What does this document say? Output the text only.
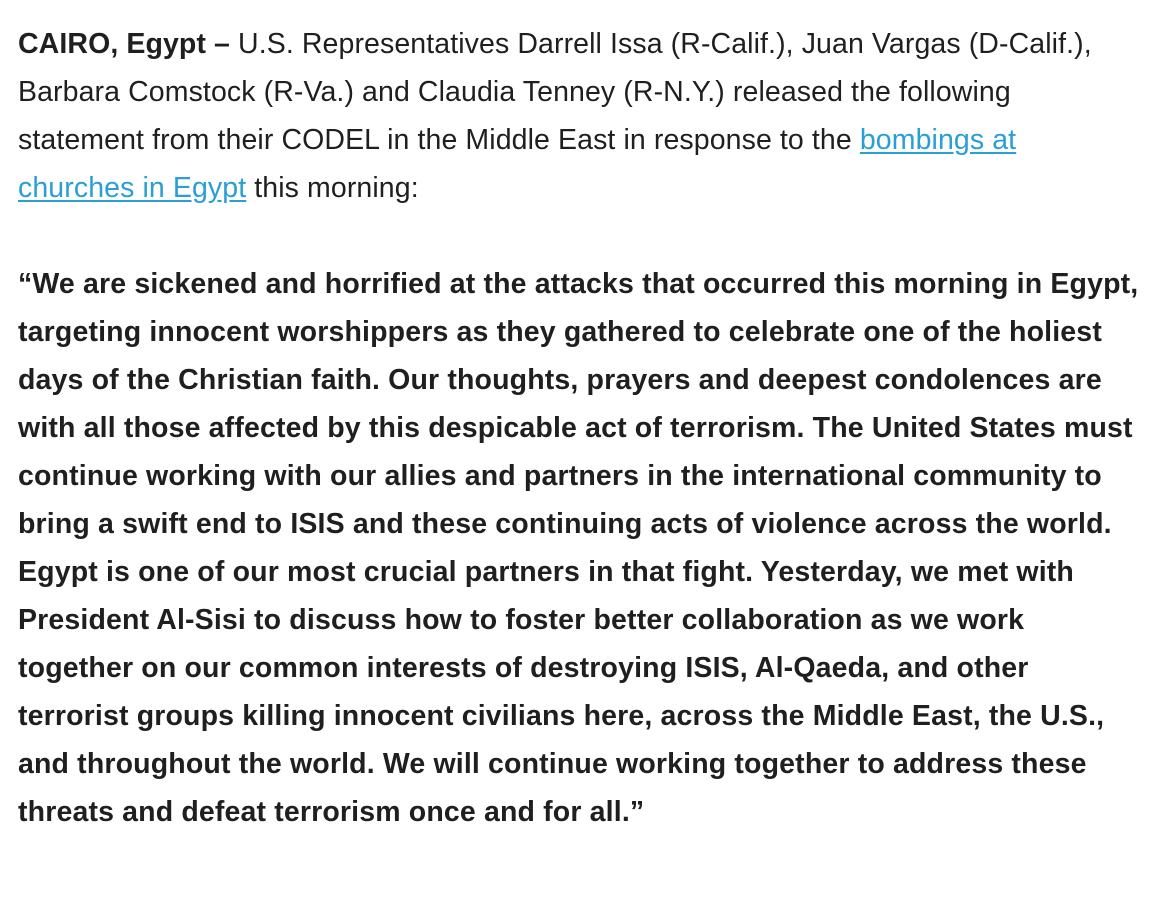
CAIRO, Egypt – U.S. Representatives Darrell Issa (R-Calif.), Juan Vargas (D-Calif.), Barbara Comstock (R-Va.) and Claudia Tenney (R-N.Y.) released the following statement from their CODEL in the Middle East in response to the bombings at churches in Egypt this morning:

“We are sickened and horrified at the attacks that occurred this morning in Egypt, targeting innocent worshippers as they gathered to celebrate one of the holiest days of the Christian faith. Our thoughts, prayers and deepest condolences are with all those affected by this despicable act of terrorism. The United States must continue working with our allies and partners in the international community to bring a swift end to ISIS and these continuing acts of violence across the world. Egypt is one of our most crucial partners in that fight. Yesterday, we met with President Al-Sisi to discuss how to foster better collaboration as we work together on our common interests of destroying ISIS, Al-Qaeda, and other terrorist groups killing innocent civilians here, across the Middle East, the U.S., and throughout the world. We will continue working together to address these threats and defeat terrorism once and for all.”
